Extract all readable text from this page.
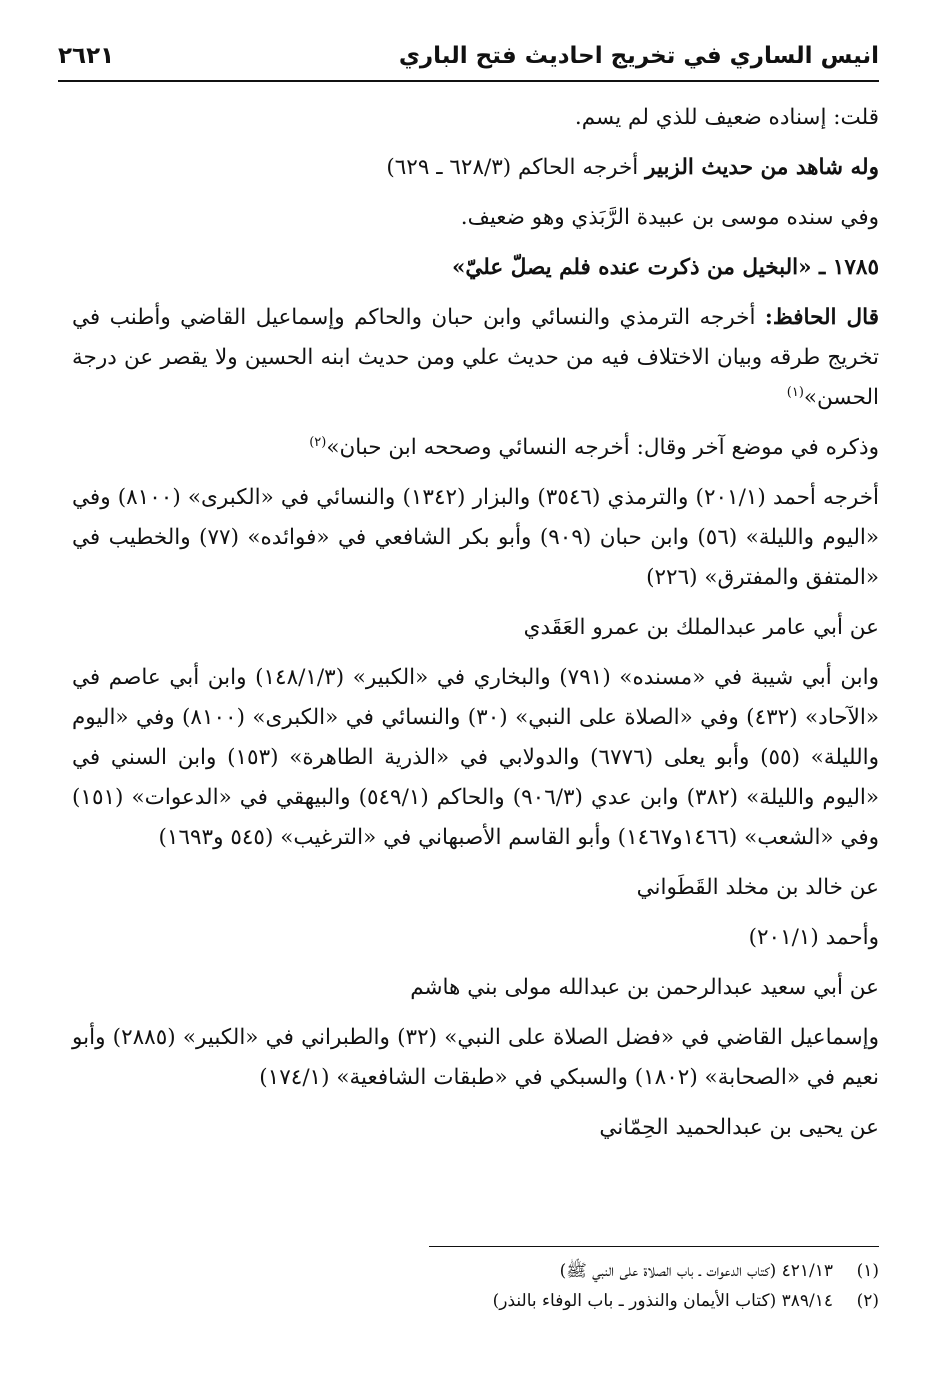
انيس الساري في تخريج احاديث فتح الباري
٢٦٢١

قلت: إسناده ضعيف للذي لم يسم.

وله شاهد من حديث الزبير أخرجه الحاكم (٦٢٨/٣ ـ ٦٢٩)

وفي سنده موسى بن عبيدة الرَّبَذي وهو ضعيف.

١٧٨٥ ـ «البخيل من ذكرت عنده فلم يصلّ عليّ»

قال الحافظ: أخرجه الترمذي والنسائي وابن حبان والحاكم وإسماعيل القاضي وأطنب في تخريج طرقه وبيان الاختلاف فيه من حديث علي ومن حديث ابنه الحسين ولا يقصر عن درجة الحسن»$^{(١)}$

وذكره في موضع آخر وقال: أخرجه النسائي وصححه ابن حبان»$^{(٢)}$

أخرجه أحمد (٢٠١/١) والترمذي (٣٥٤٦) والبزار (١٣٤٢) والنسائي في «الكبرى» (٨١٠٠) وفي «اليوم والليلة» (٥٦) وابن حبان (٩٠٩) وأبو بكر الشافعي في «فوائده» (٧٧) والخطيب في «المتفق والمفترق» (٢٢٦)

عن أبي عامر عبدالملك بن عمرو العَقَدي

وابن أبي شيبة في «مسنده» (٧٩١) والبخاري في «الكبير» (١٤٨/١/٣) وابن أبي عاصم في «الآحاد» (٤٣٢) وفي «الصلاة على النبي» (٣٠) والنسائي في «الكبرى» (٨١٠٠) وفي «اليوم والليلة» (٥٥) وأبو يعلى (٦٧٧٦) والدولابي في «الذرية الطاهرة» (١٥٣) وابن السني في «اليوم والليلة» (٣٨٢) وابن عدي (٩٠٦/٣) والحاكم (٥٤٩/١) والبيهقي في «الدعوات» (١٥١) وفي «الشعب» (١٤٦٦و١٤٦٧) وأبو القاسم الأصبهاني في «الترغيب» (٥٤٥ و١٦٩٣)

عن خالد بن مخلد القَطَواني

وأحمد (٢٠١/١)

عن أبي سعيد عبدالرحمن بن عبدالله مولى بني هاشم

وإسماعيل القاضي في «فضل الصلاة على النبي» (٣٢) والطبراني في «الكبير» (٢٨٨٥) وأبو نعيم في «الصحابة» (١٨٠٢) والسبكي في «طبقات الشافعية» (١٧٤/١)

عن يحيى بن عبدالحميد الحِمّاني

(١)
٤٢١/١٣ (كتاب الدعوات ـ باب الصلاة على النبي ﷺ)
(٢)
٣٨٩/١٤ (كتاب الأيمان والنذور ـ باب الوفاء بالنذر)
